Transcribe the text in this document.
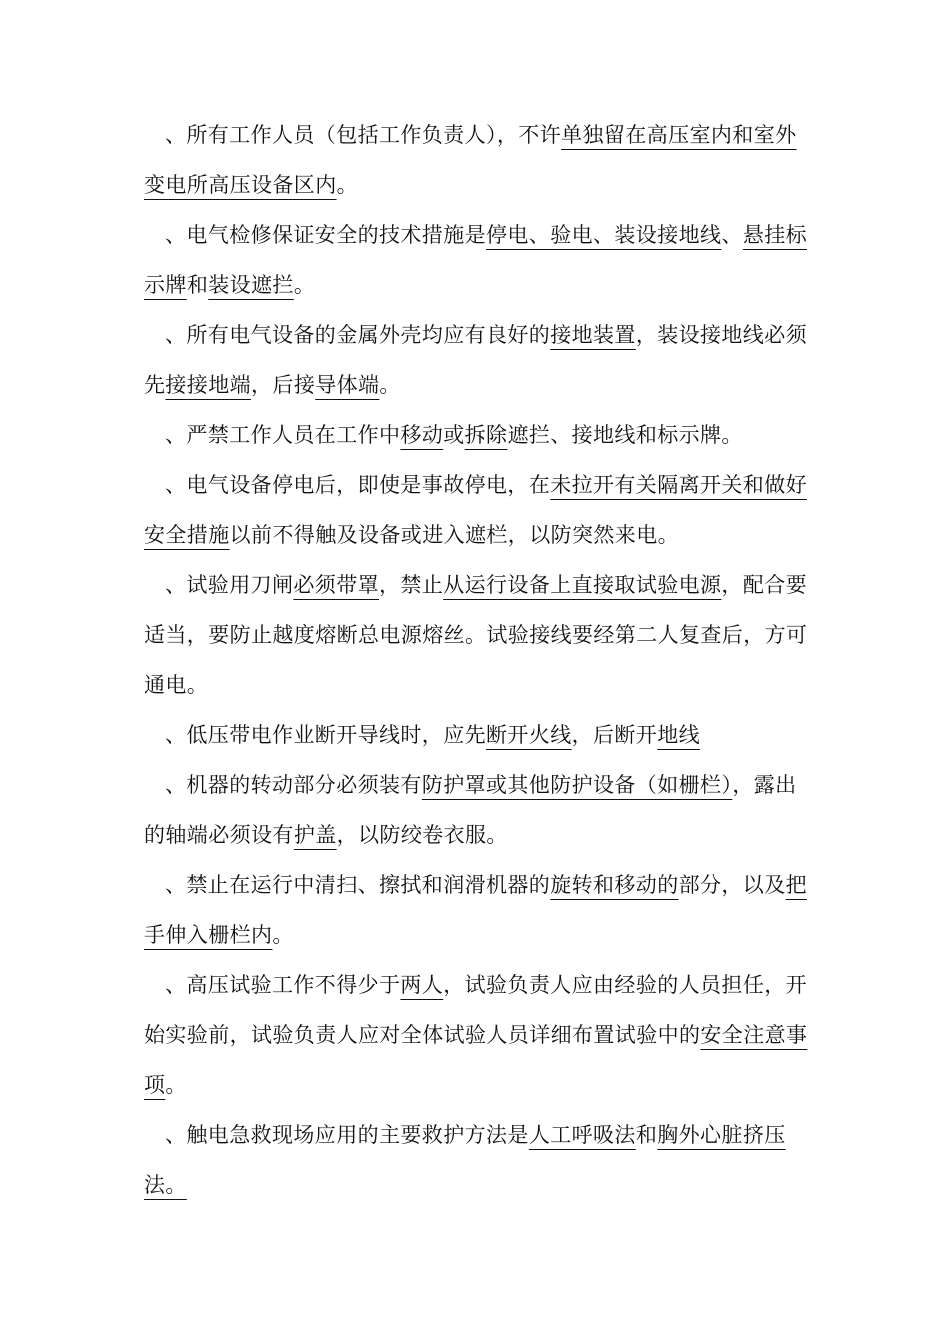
、所有工作人员（包括工作负责人），不许单独留在高压室内和室外变电所高压设备区内。
、电气检修保证安全的技术措施是停电、验电、装设接地线、悬挂标示牌和装设遮拦。
、所有电气设备的金属外壳均应有良好的接地装置，装设接地线必须先接接地端，后接导体端。
、严禁工作人员在工作中移动或拆除遮拦、接地线和标示牌。
、电气设备停电后，即使是事故停电，在未拉开有关隔离开关和做好安全措施以前不得触及设备或进入遮栏，以防突然来电。
、试验用刀闸必须带罩，禁止从运行设备上直接取试验电源，配合要适当，要防止越度熔断总电源熔丝。试验接线要经第二人复查后，方可通电。
、低压带电作业断开导线时，应先断开火线，后断开地线
、机器的转动部分必须装有防护罩或其他防护设备（如栅栏），露出的轴端必须设有护盖，以防绞卷衣服。
、禁止在运行中清扫、擦拭和润滑机器的旋转和移动的部分，以及把手伸入栅栏内。
、高压试验工作不得少于两人，试验负责人应由经验的人员担任，开始实验前，试验负责人应对全体试验人员详细布置试验中的安全注意事项。
、触电急救现场应用的主要救护方法是人工呼吸法和胸外心脏挤压法。
